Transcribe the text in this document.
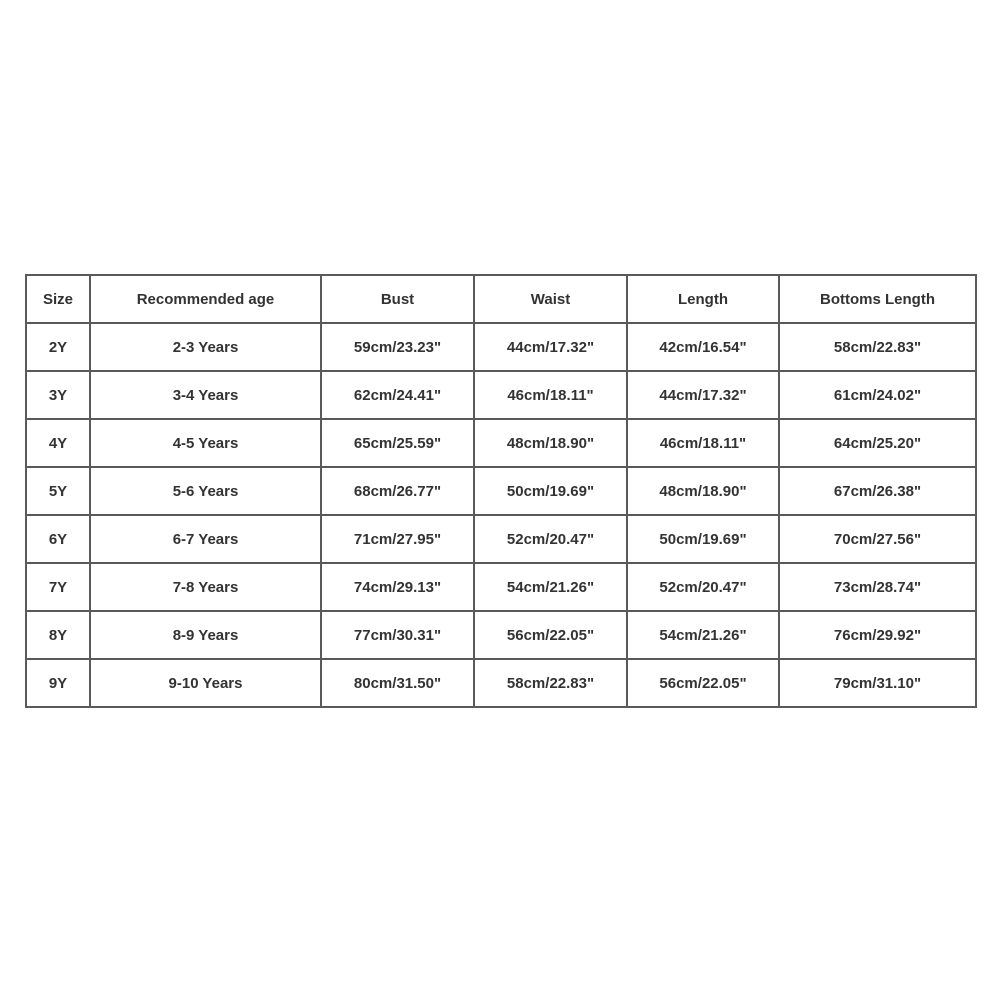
Size	Recommended age	Bust	Waist	Length	Bottoms Length
2Y	2-3 Years	59cm/23.23"	44cm/17.32"	42cm/16.54"	58cm/22.83"
3Y	3-4 Years	62cm/24.41"	46cm/18.11"	44cm/17.32"	61cm/24.02"
4Y	4-5 Years	65cm/25.59"	48cm/18.90"	46cm/18.11"	64cm/25.20"
5Y	5-6 Years	68cm/26.77"	50cm/19.69"	48cm/18.90"	67cm/26.38"
6Y	6-7 Years	71cm/27.95"	52cm/20.47"	50cm/19.69"	70cm/27.56"
7Y	7-8 Years	74cm/29.13"	54cm/21.26"	52cm/20.47"	73cm/28.74"
8Y	8-9 Years	77cm/30.31"	56cm/22.05"	54cm/21.26"	76cm/29.92"
9Y	9-10 Years	80cm/31.50"	58cm/22.83"	56cm/22.05"	79cm/31.10"
